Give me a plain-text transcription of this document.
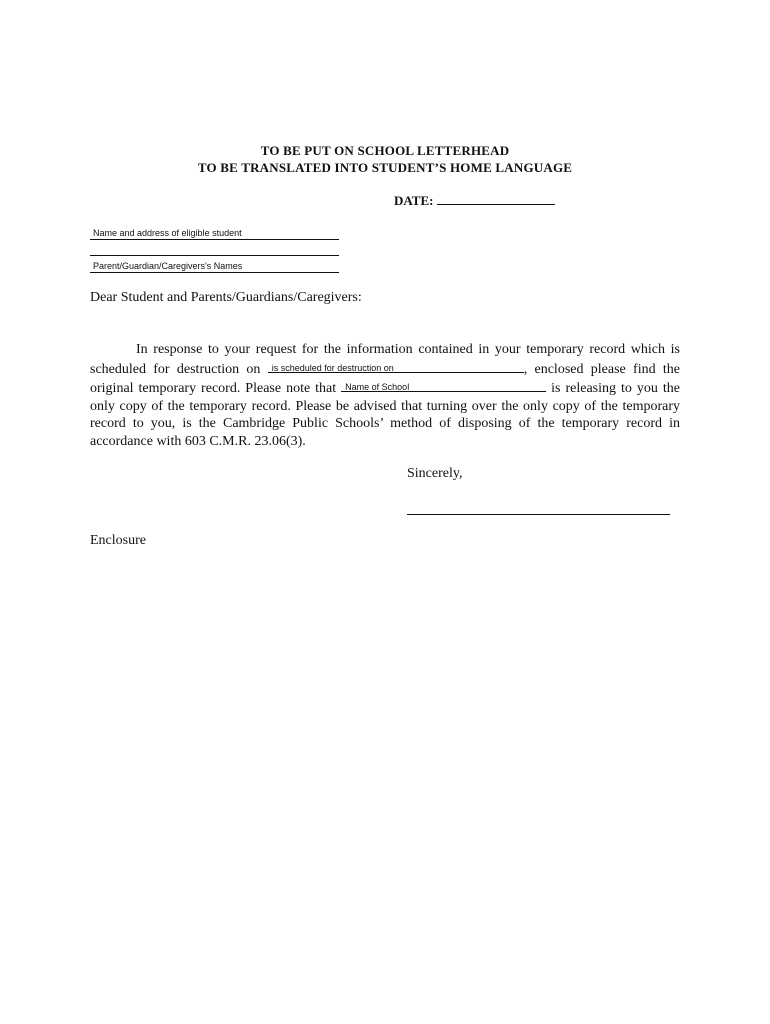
TO BE PUT ON SCHOOL LETTERHEAD
TO BE TRANSLATED INTO STUDENT’S HOME LANGUAGE
DATE:
Name and address of eligible student
Parent/Guardian/Caregivers's Names
Dear Student and Parents/Guardians/Caregivers:
In response to your request for the information contained in your temporary record which is scheduled for destruction on is scheduled for destruction on	, enclosed please find the original temporary record. Please note that Name of School	is releasing to you the only copy of the temporary record. Please be advised that turning over the only copy of the temporary record to you, is the Cambridge Public Schools’ method of disposing of the temporary record in accordance with 603 C.M.R. 23.06(3).
Sincerely,
Enclosure
